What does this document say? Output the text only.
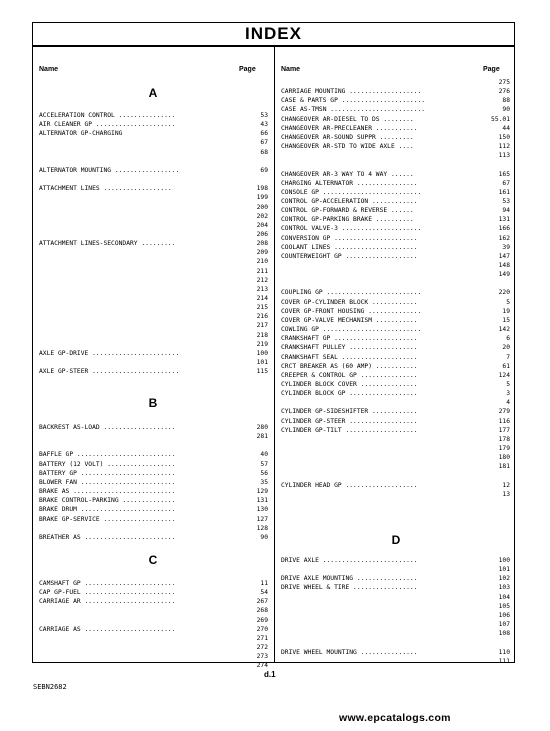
INDEX
Name	Page
A
ACCELERATION CONTROL ...............	53
AIR CLEANER GP .....................	43
ALTERNATOR GP-CHARGING	66
67
68
ALTERNATOR MOUNTING .................	69
ATTACHMENT LINES ..................	198
199
200
202
204
206
ATTACHMENT LINES-SECONDARY .........	208
209
210
211
212
213
214
215
216
217
218
219
AXLE GP-DRIVE .......................	100
101
AXLE GP-STEER .......................	115
B
BACKREST AS-LOAD ...................	280
281
BAFFLE GP ..........................	40
BATTERY (12 VOLT) ..................	57
BATTERY GP .........................	56
BLOWER FAN .........................	35
BRAKE AS ...........................	129
BRAKE CONTROL-PARKING ..............	131
BRAKE DRUM .........................	130
BRAKE GP-SERVICE ...................	127
128
BREATHER AS ........................	90
C
CAMSHAFT GP ........................	11
CAP GP-FUEL ........................	54
CARRIAGE AR ........................	267
268
269
CARRIAGE AS ........................	270
271
272
273
274
Name	Page
275
CARRIAGE MOUNTING ...................	276
CASE & PARTS GP ......................	88
CASE AS-TMSN .........................	90
CHANGEOVER AR-DIESEL TO DS ........	55.01
CHANGEOVER AR-PRECLEANER ...........	44
CHANGEOVER AR-SOUND SUPPR .........	150
CHANGEOVER AR-STD TO WIDE AXLE ....	112
113
CHANGEOVER AR-3 WAY TO 4 WAY ......	165
CHARGING ALTERNATOR ................	67
CONSOLE GP ..........................	161
CONTROL GP-ACCELERATION ............	53
CONTROL GP-FORWARD & REVERSE ......	94
CONTROL GP-PARKING BRAKE ..........	131
CONTROL VALVE-3 .....................	166
CONVERSION GP ......................	162
COOLANT LINES ......................	39
COUNTERWEIGHT GP ...................	147
148
149
COUPLING GP .........................	220
COVER GP-CYLINDER BLOCK ............	5
COVER GP-FRONT HOUSING ..............	19
COVER GP-VALVE MECHANISM ...........	15
COWLING GP ..........................	142
CRANKSHAFT GP ......................	6
CRANKSHAFT PULLEY ..................	20
CRANKSHAFT SEAL ....................	7
CRCT BREAKER AS (60 AMP) ...........	61
CREEPER & CONTROL GP ...............	124
CYLINDER BLOCK COVER ...............	5
CYLINDER BLOCK GP ..................	3
4
CYLINDER GP-SIDESHIFTER ............	279
CYLINDER GP-STEER ..................	116
CYLINDER GP-TILT ...................	177
178
179
180
181
CYLINDER HEAD GP ...................	12
13
D
DRIVE AXLE .........................	100
101
DRIVE AXLE MOUNTING ................	102
DRIVE WHEEL & TIRE .................	103
104
105
106
107
108
DRIVE WHEEL MOUNTING ...............	110
111
d.1
SEBN2682
www.epcatalogs.com
